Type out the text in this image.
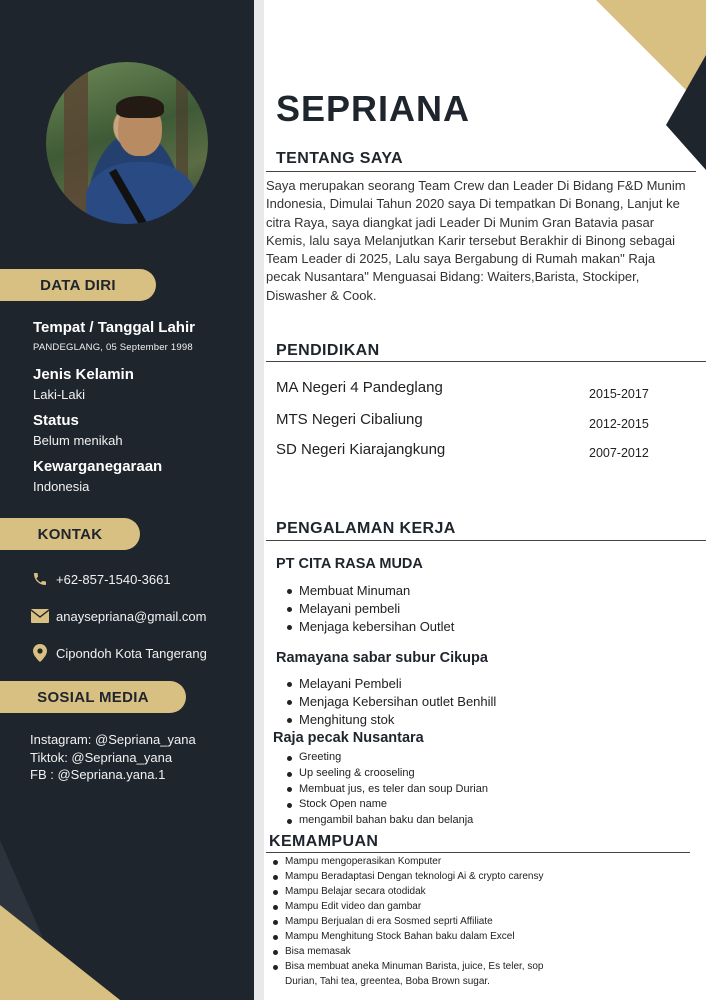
DATA DIRI
Tempat / Tanggal Lahir
PANDEGLANG, 05 September 1998
Jenis Kelamin
Laki-Laki
Status
Belum menikah
Kewarganegaraan
Indonesia
KONTAK
+62-857-1540-3661
anaysepriana@gmail.com
Cipondoh Kota Tangerang
SOSIAL MEDIA
Instagram: @Sepriana_yana
Tiktok: @Sepriana_yana
FB : @Sepriana.yana.1
SEPRIANA
TENTANG SAYA
Saya merupakan seorang Team Crew dan Leader Di Bidang F&D Munim Indonesia, Dimulai Tahun 2020 saya Di tempatkan Di Bonang, Lanjut ke citra Raya, saya diangkat jadi Leader Di Munim Gran Batavia pasar Kemis, lalu saya Melanjutkan Karir tersebut Berakhir di Binong sebagai Team Leader di 2025, Lalu saya Bergabung di Rumah makan" Raja pecak Nusantara" Menguasai Bidang: Waiters,Barista, Stockiper, Diswasher & Cook.
PENDIDIKAN
MA Negeri 4 Pandeglang	2015-2017
MTS Negeri Cibaliung	2012-2015
SD Negeri Kiarajangkung	2007-2012
PENGALAMAN KERJA
PT CITA RASA MUDA
Membuat Minuman
Melayani pembeli
Menjaga kebersihan Outlet
Ramayana sabar subur Cikupa
Melayani Pembeli
Menjaga Kebersihan outlet Benhill
Menghitung stok
Raja pecak Nusantara
Greeting
Up seeling & crooseling
Membuat jus, es teler dan soup Durian
Stock Open name
mengambil bahan baku dan belanja
KEMAMPUAN
Mampu mengoperasikan Komputer
Mampu Beradaptasi Dengan teknologi Ai & crypto carensy
Mampu Belajar secara otodidak
Mampu Edit video dan gambar
Mampu Berjualan di era Sosmed seprti Affiliate
Mampu Menghitung Stock Bahan baku dalam Excel
Bisa memasak
Bisa membuat aneka Minuman Barista, juice, Es teler, sop
Durian, Tahi tea, greentea, Boba Brown sugar.
